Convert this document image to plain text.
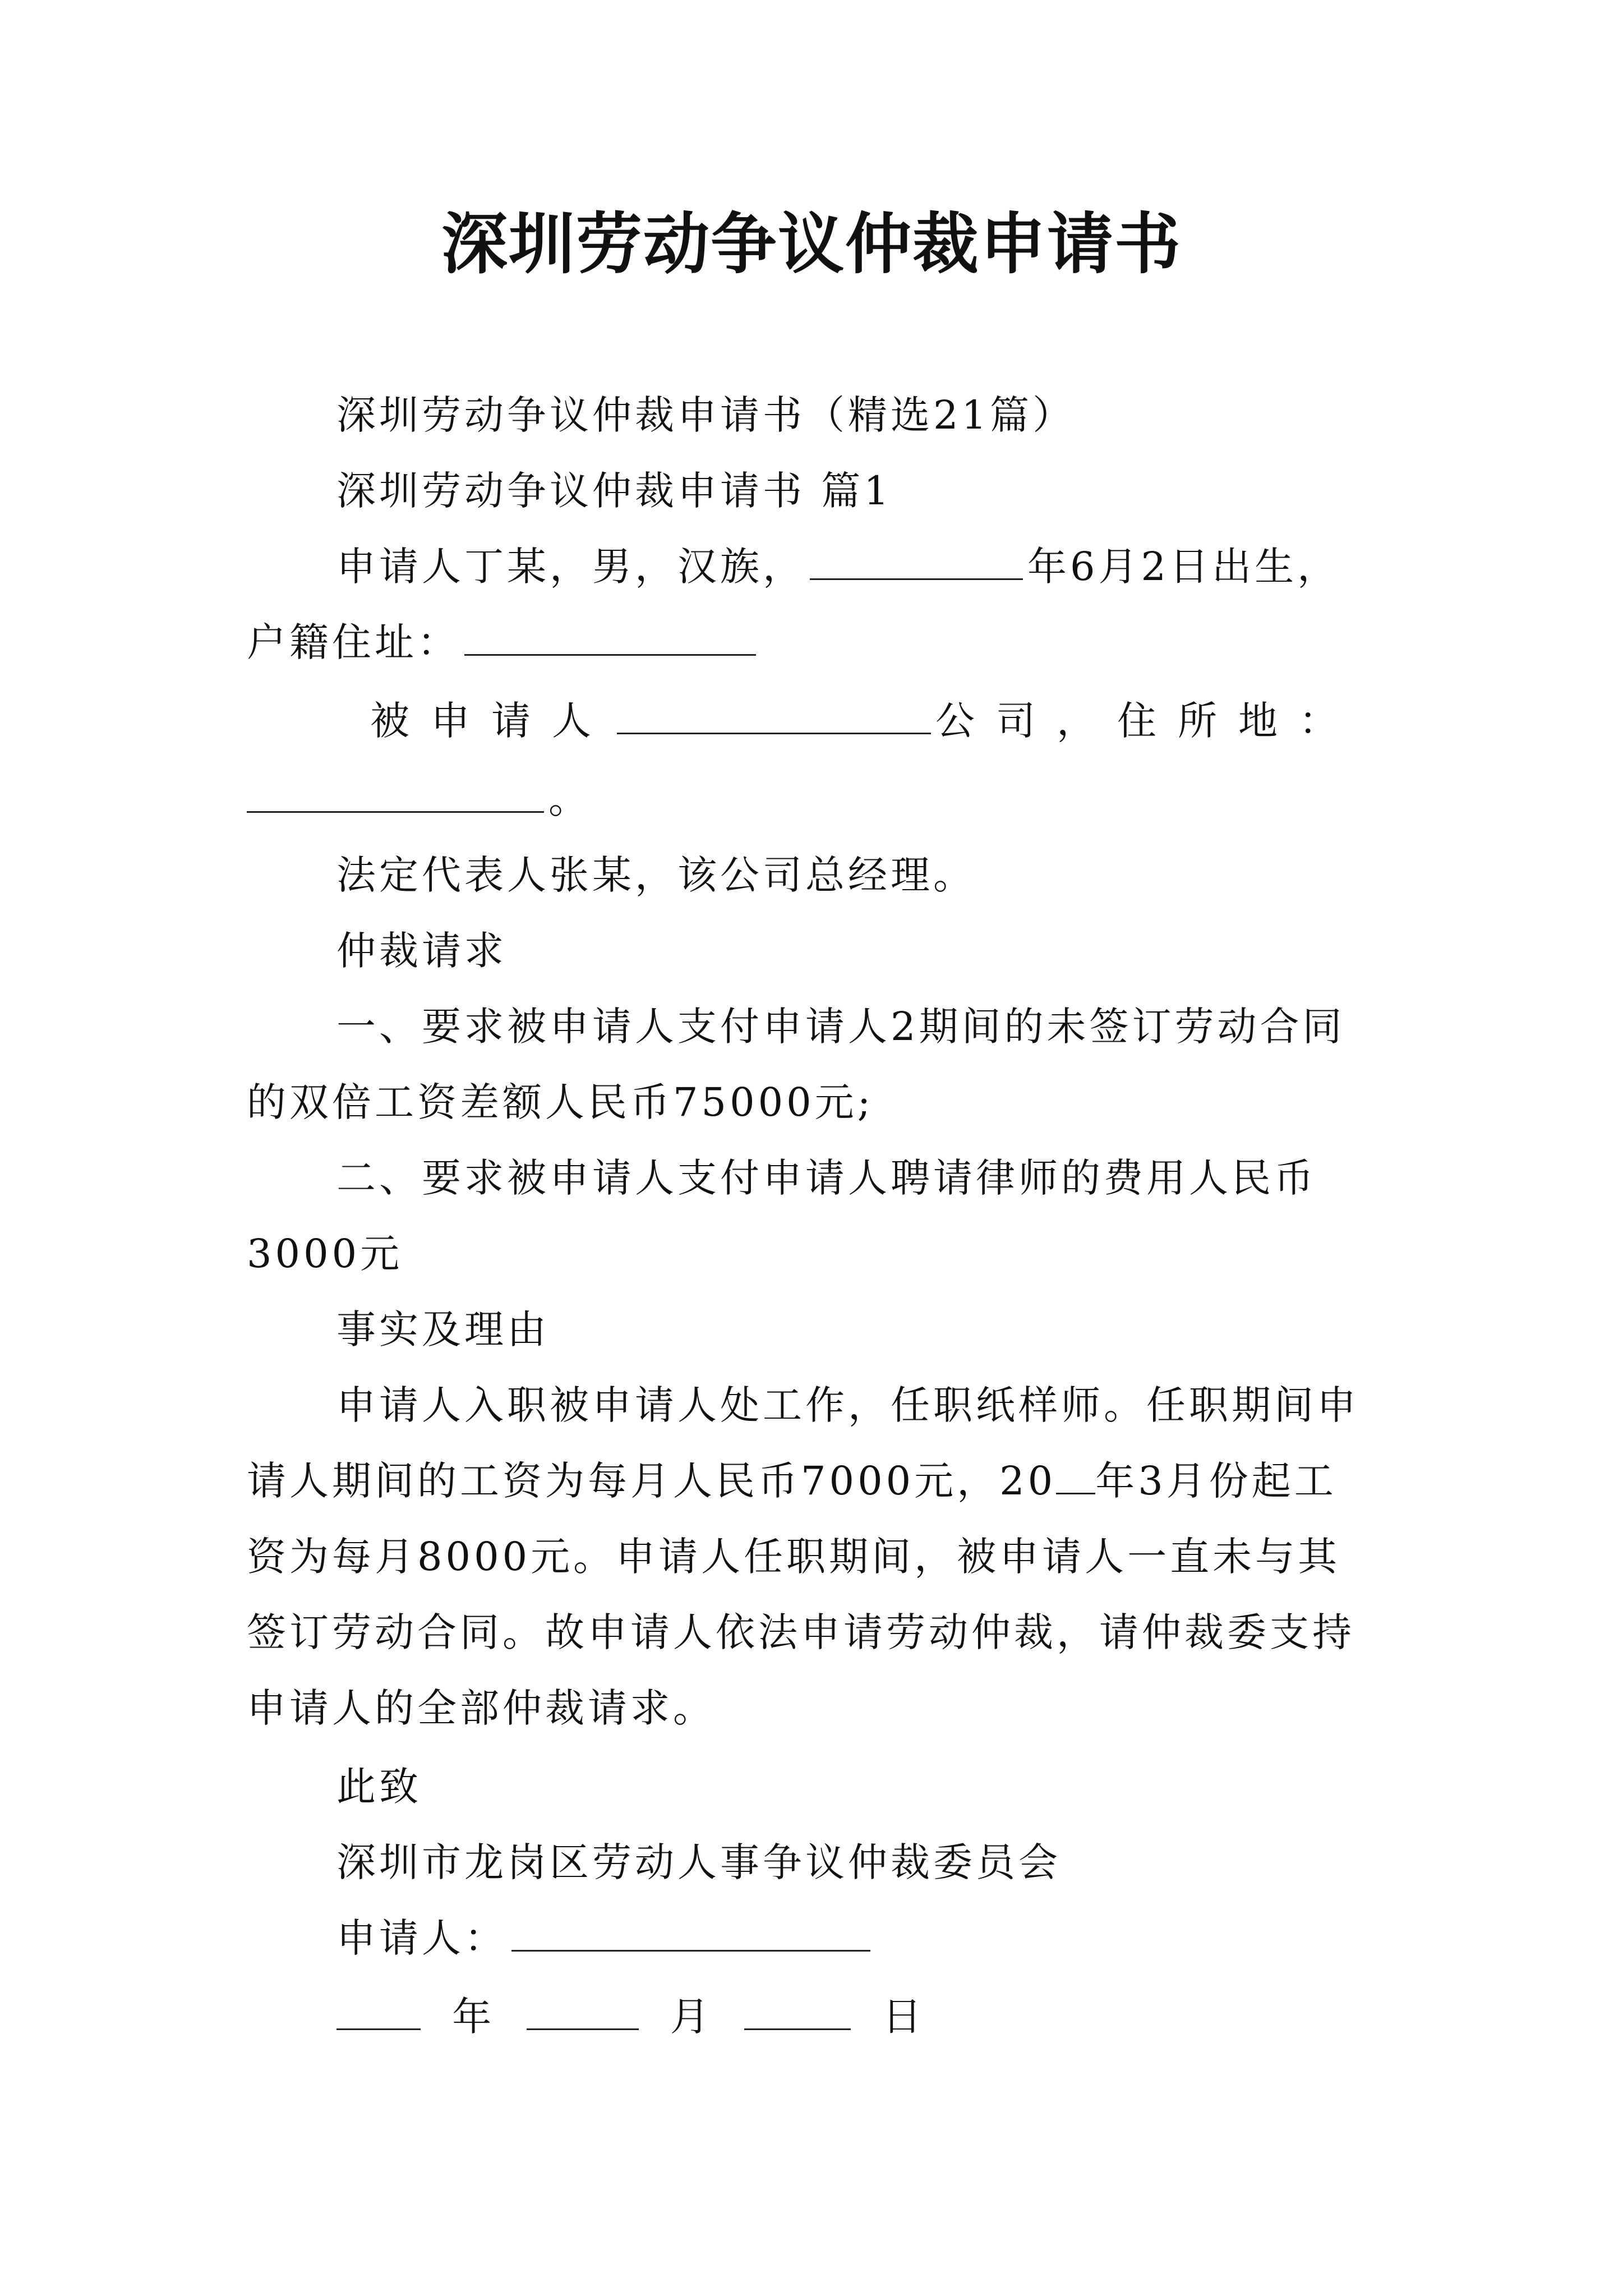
深圳劳动争议仲裁申请书
深圳劳动争议仲裁申请书（精选21篇）
深圳劳动争议仲裁申请书 篇1
申请人丁某，男，汉族，	年6月2日出生，
户籍住址：
被申请人	公司，住所地：
。
法定代表人张某，该公司总经理。
仲裁请求
一、要求被申请人支付申请人2期间的未签订劳动合同
的双倍工资差额人民币75000元;
二、要求被申请人支付申请人聘请律师的费用人民币
3000元
事实及理由
申请人入职被申请人处工作，任职纸样师。任职期间申
请人期间的工资为每月人民币7000元，20 年3月份起工
资为每月8000元。申请人任职期间，被申请人一直未与其
签订劳动合同。故申请人依法申请劳动仲裁，请仲裁委支持
申请人的全部仲裁请求。
此致
深圳市龙岗区劳动人事争议仲裁委员会
申请人：
年	月	日
